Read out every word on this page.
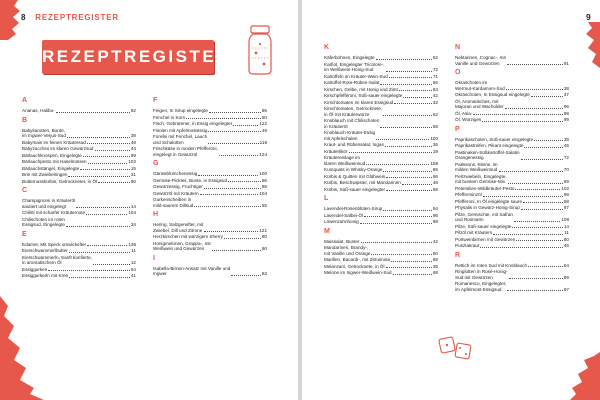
8 REZEPTREGISTER
REZEPTREGISTER
A
Ananas, Halibu-	82
B
Babykarotten, Bunte,
im Ingwer-Verjus-Sud	38
Babymais im feinen Kräutersud	48
Babyzucchini im klaren Gewürzsud	44
Bärlauchknospen, Eingelegte	99
Bärlauchpesto mit Haselnüssen	102
Bärlauchstängel, Eingelegte	15
Brie mit Zwiebelringen	31
Butternusskürbis, Getrockneter, in Öl	60
C
Champignons in Kräuteröl
sautiert und eingelegt	14
Chiliöl mit scharfer Kräuternote	104
Chilischoten im roten
Essigsud, Eingelegte	34
E
Edamer, Mit Speck umwickelter	136
Eierschwammerlbutter	11
Eierschwammerln, Sanft konfierte,
in aromatischem Öl	12
Essiggurken	54
Essiggurkerln mit Kren	41
F
Feigen, In Sirup eingelegte	86
Fenchel in Korn	50
Fisch, Gebratener, in Essig eingelegter	122
Fisolen mit Apfelmostessig	49
Forelle mit Fenchel, Lauch
und Schalotten	119
Frischkäse in runden Pfefferoni,
eingelegt in Gewürzöl	124
G
Gänseblümchenessig	100
Gemüse-Pickles, Bunte, in Essigsud	66
Gewürzessig, Fruchtiger	88
Gewürzöl mit Kräutern	104
Gurkenscheiben in
mild-saurem Dillsud	55
H
Hering, Salzgereifter, mit
Zwiebel, Dill und Zitrone	121
Herzkirschen mit würzigem Sherry	90
Honigmelonen, Grappa-, mit
Weißwein und Gewürzen	90
I
Isabella-Birnen-Ansatz mit Vanille und
Ingwer	83
9
K
Käferbohnen, Eingelegte	62
Karfiol, Eingelegter Tricolore-,
im Weißwein-Honig-Sud	72
Kartoffeln im Kräuter-Wein-Sud	71
Kartoffel-Rote-Rüben-Salat	56
Kirschen, Gelbe, mit Honig und Zimt	84
Kirschpfefferoni, Süß-sauer eingelegte	42
Kirschtomaten im klaren Essigsud	32
Kirschtomaten, Getrocknete,
in Öl mit Kräuterwürze	52
Knoblauch mit Chilischoten
in Kräuteröl	58
Knoblauch-Kräuter-Essig
mit Apfelschalen	100
Kraut- und Rübensalat, Ingas	36
Kräuterlikör	19
Kräutereinlage im
klaren Weißweinsud	108
Kumquats in Whisky-Orange	86
Kürbis & Quitten mit Glühwein	56
Kürbis, Beschwipster, mit Mandarinen	48
Kürbis, Süß-sauer eingelegter	68
L
Lavendel-Rosenblüten-Sirup	94
Lavendel-Salbei-Öl	96
Löwenzahnhonig	98
M
Maissalat, Bunter	42
Mandarinen, Brandy-,
mit Vanille und Orange	80
Marillen, Bacardi-, mit Zitrusnote	88
Melanzani, Getrocknete, in Öl	35
Melone im Ingwer-Weißwein-Sud	68
N
Nektarinen, Cognac-, mit
Vanille und Gewürzen	91
O
Okraschoten im
Wermut-Kardamom-Sud	38
Okraschoten, In Essigsud eingelegte	37
Öl, Aromatisches, mit
Majoran und Wacholder	96
Öl, Asia-	98
Öl, Würziges	99
P
Paprikaschoten, Süß-sauer eingelegte	38
Paprikastreifen, Pikant eingelegte	45
Pastinaken-Süßkartoffel-Salatin
Orangenessig	72
Patissons, Kleine, im
milden Weißweinsud	70
Perlzwiebeln, Eingelegte,
mit buntem Gemüse-Mix	69
Petersilien-Wildkräuter-Pesto	102
Pfefferminzöl	98
Pfefferoni, In Öl eingelegte saure	58
Physalis in Gewürz-Honig-Sirup	87
Pilze, Gemischte, mit Safran
und Rosmarin	108
Pilze, Süß-sauer eingelegte	14
Pilzöl mit Kräutern	11
Portweinbirnen mit Gewürzen	80
Pusztakraut	46
R
Rettich im roten Sud mit Knoblauch	64
Ringlotten in Rosé-Honig-
Sud mit Gewürzen	89
Romanesco, Eingelegter,
im Apfelmost-Essigsud	67
